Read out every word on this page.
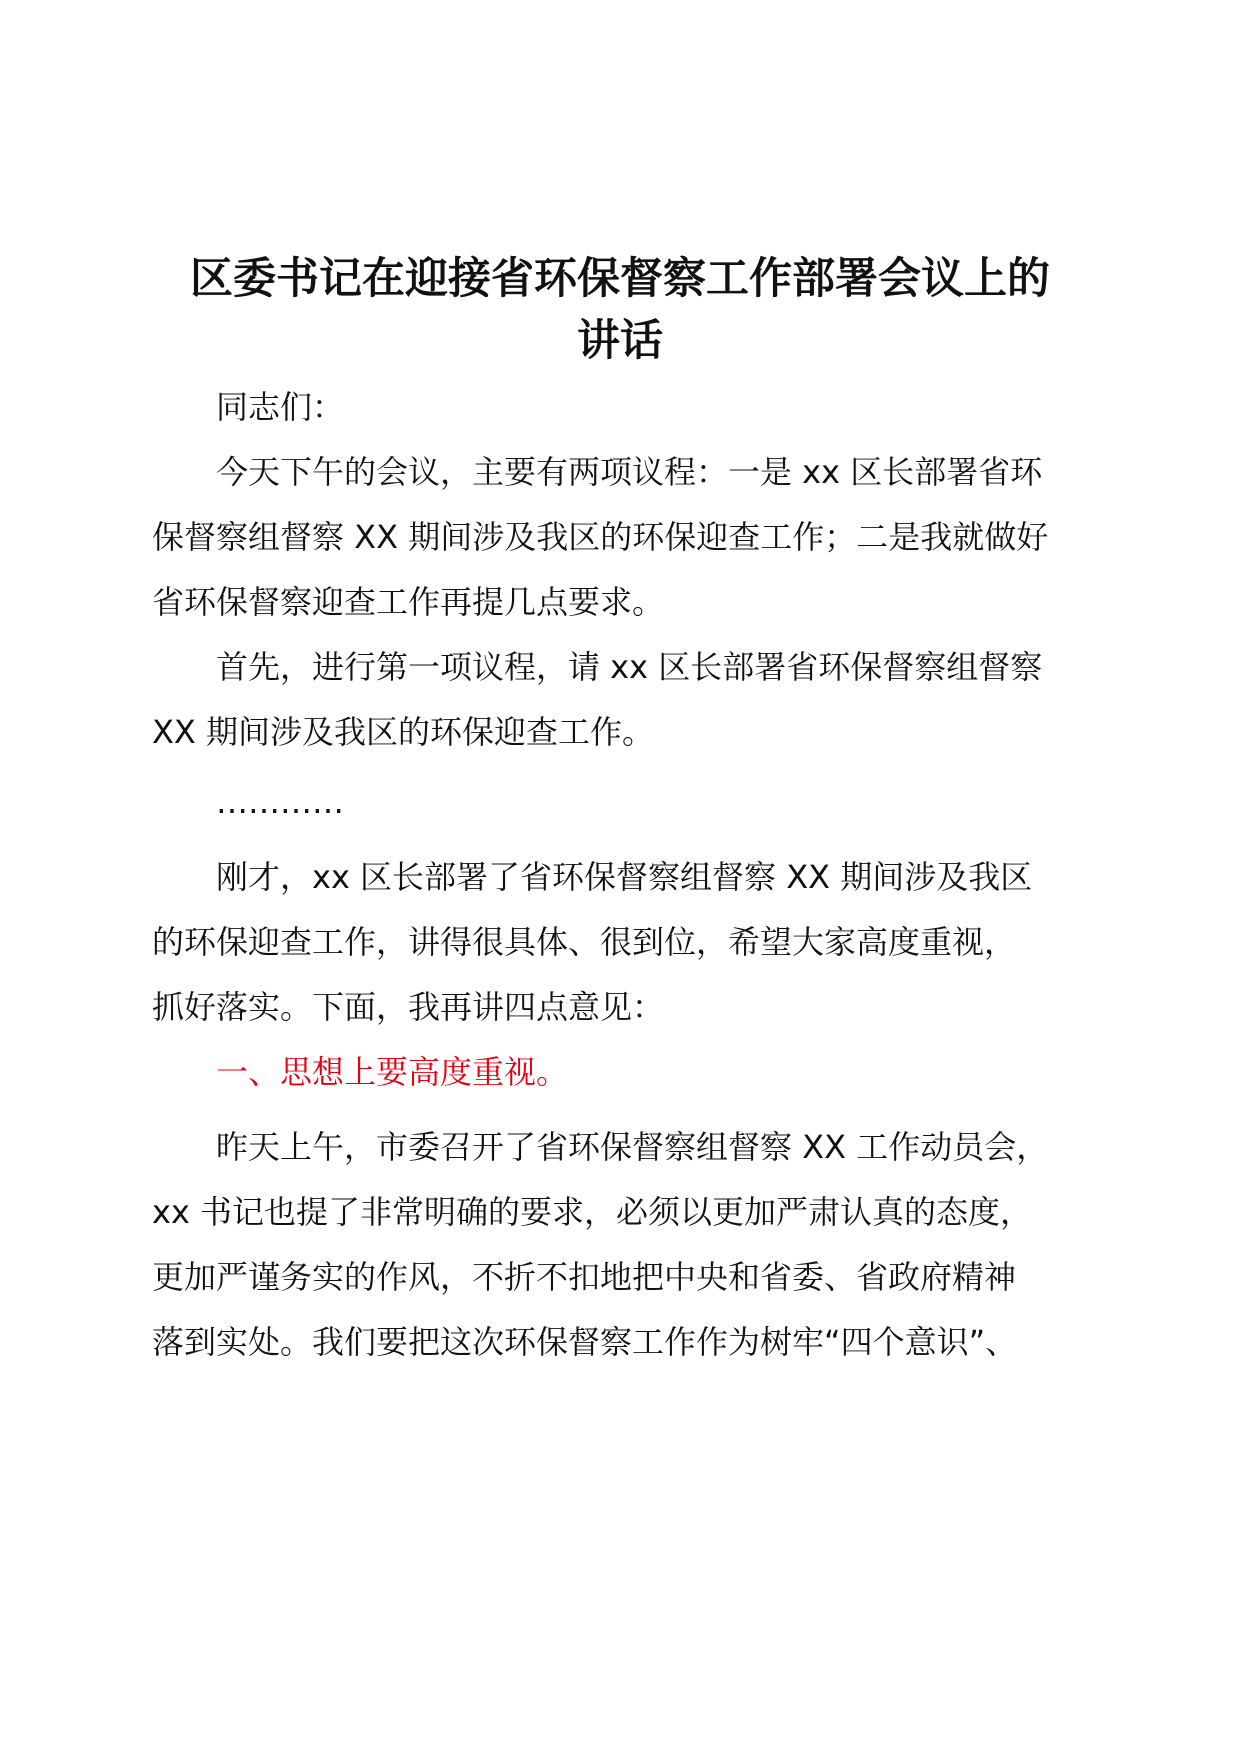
区委书记在迎接省环保督察工作部署会议上的
讲话

同志们：

今天下午的会议，主要有两项议程：一是 xx 区长部署省环
保督察组督察 XX 期间涉及我区的环保迎查工作；二是我就做好
省环保督察迎查工作再提几点要求。

首先，进行第一项议程，请 xx 区长部署省环保督察组督察
XX 期间涉及我区的环保迎查工作。

…………

刚才，xx 区长部署了省环保督察组督察 XX 期间涉及我区
的环保迎查工作，讲得很具体、很到位，希望大家高度重视，
抓好落实。下面，我再讲四点意见：

一、思想上要高度重视。

昨天上午，市委召开了省环保督察组督察 XX 工作动员会，
xx 书记也提了非常明确的要求，必须以更加严肃认真的态度，
更加严谨务实的作风，不折不扣地把中央和省委、省政府精神
落到实处。我们要把这次环保督察工作作为树牢“四个意识”、
